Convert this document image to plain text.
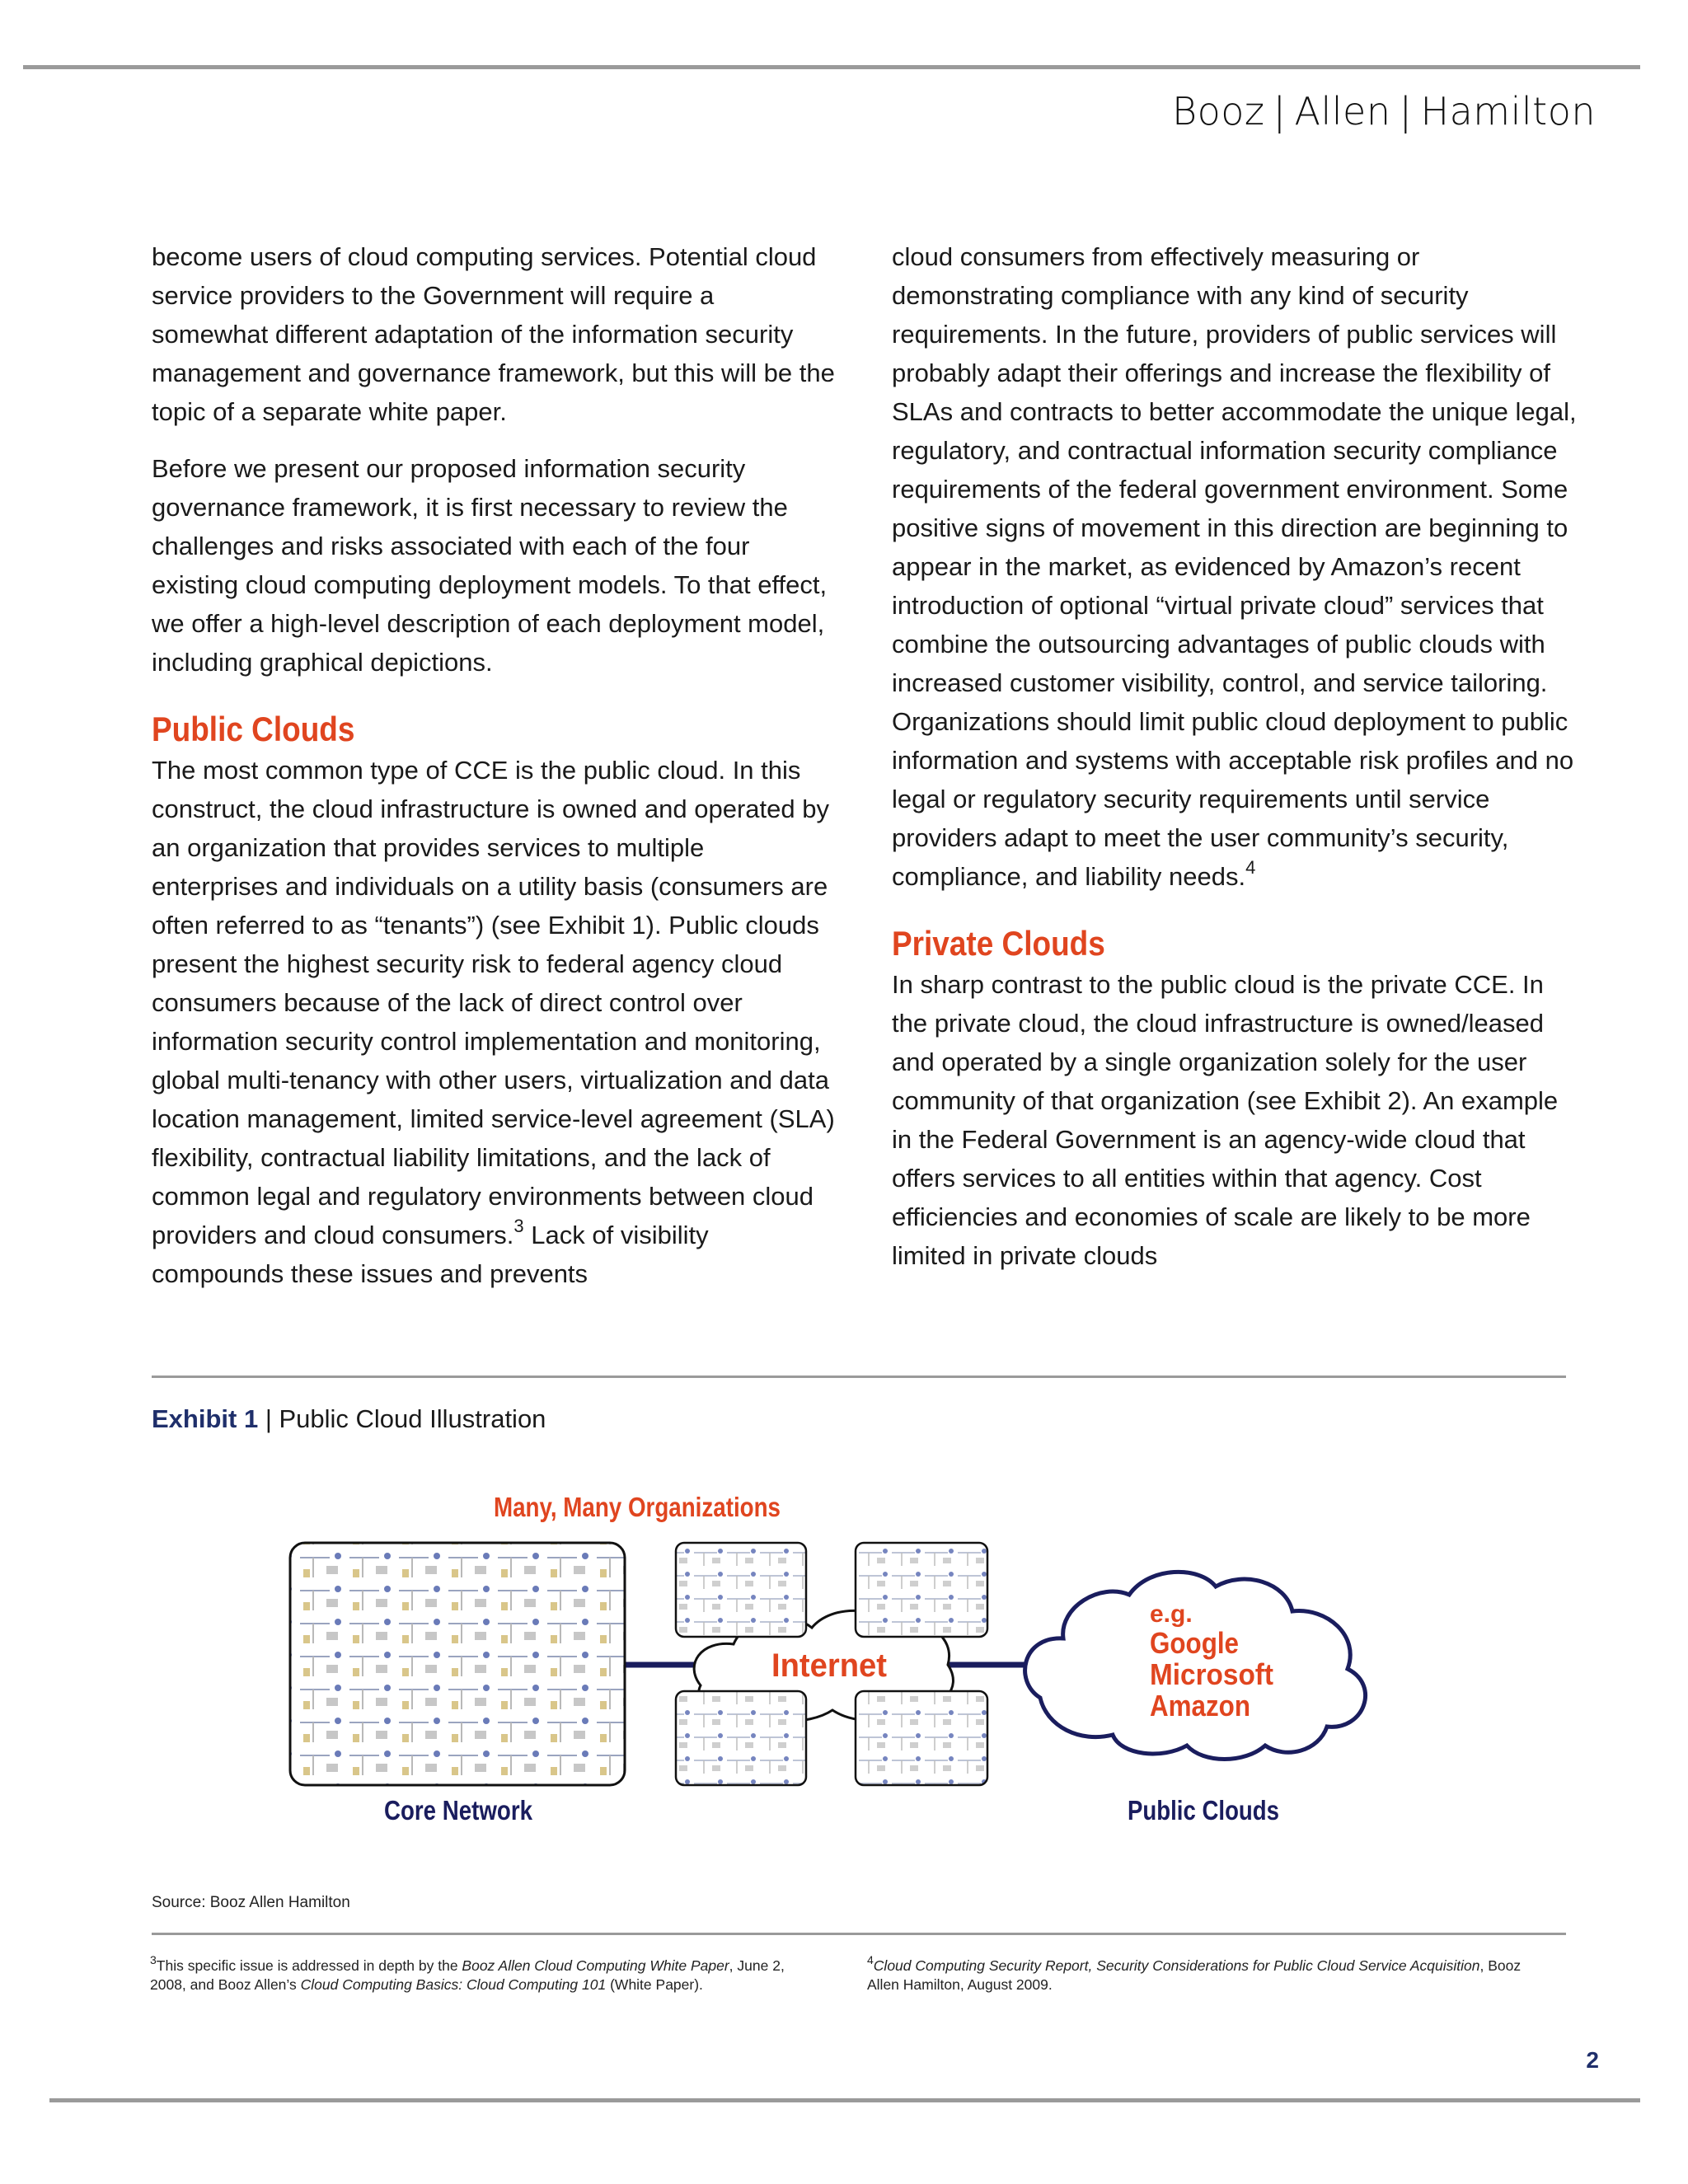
Booz | Allen | Hamilton

become users of cloud computing services. Potential cloud service providers to the Government will require a somewhat different adaptation of the information security management and governance framework, but this will be the topic of a separate white paper.

Before we present our proposed information security governance framework, it is first necessary to review the challenges and risks associated with each of the four existing cloud computing deployment models. To that effect, we offer a high-level description of each deployment model, including graphical depictions.

Public Clouds

The most common type of CCE is the public cloud. In this construct, the cloud infrastructure is owned and operated by an organization that provides services to multiple enterprises and individuals on a utility basis (consumers are often referred to as “tenants”) (see Exhibit 1). Public clouds present the highest security risk to federal agency cloud consumers because of the lack of direct control over information security control implementation and monitoring, global multi-tenancy with other users, virtualization and data location management, limited service-level agreement (SLA) flexibility, contractual liability limitations, and the lack of common legal and regulatory environments between cloud providers and cloud consumers.$^3$ Lack of visibility compounds these issues and prevents

cloud consumers from effectively measuring or demonstrating compliance with any kind of security requirements. In the future, providers of public services will probably adapt their offerings and increase the flexibility of SLAs and contracts to better accommodate the unique legal, regulatory, and contractual information security compliance requirements of the federal government environment. Some positive signs of movement in this direction are beginning to appear in the market, as evidenced by Amazon’s recent introduction of optional “virtual private cloud” services that combine the outsourcing advantages of public clouds with increased customer visibility, control, and service tailoring. Organizations should limit public cloud deployment to public information and systems with acceptable risk profiles and no legal or regulatory security requirements until service providers adapt to meet the user community’s security, compliance, and liability needs.$^4$

Private Clouds

In sharp contrast to the public cloud is the private CCE. In the private cloud, the cloud infrastructure is owned/leased and operated by a single organization solely for the user community of that organization (see Exhibit 2). An example in the Federal Government is an agency-wide cloud that offers services to all entities within that agency. Cost efficiencies and economies of scale are likely to be more limited in private clouds

Exhibit 1 | Public Cloud Illustration
Many, Many Organizations
Internet
Core Network	Public Clouds
e.g.
Google
Microsoft
Amazon
Source: Booz Allen Hamilton
$^3$This specific issue is addressed in depth by the Booz Allen Cloud Computing White Paper, June 2, 2008, and Booz Allen’s Cloud Computing Basics: Cloud Computing 101 (White Paper).
$^4$Cloud Computing Security Report, Security Considerations for Public Cloud Service Acquisition, Booz Allen Hamilton, August 2009.
2
